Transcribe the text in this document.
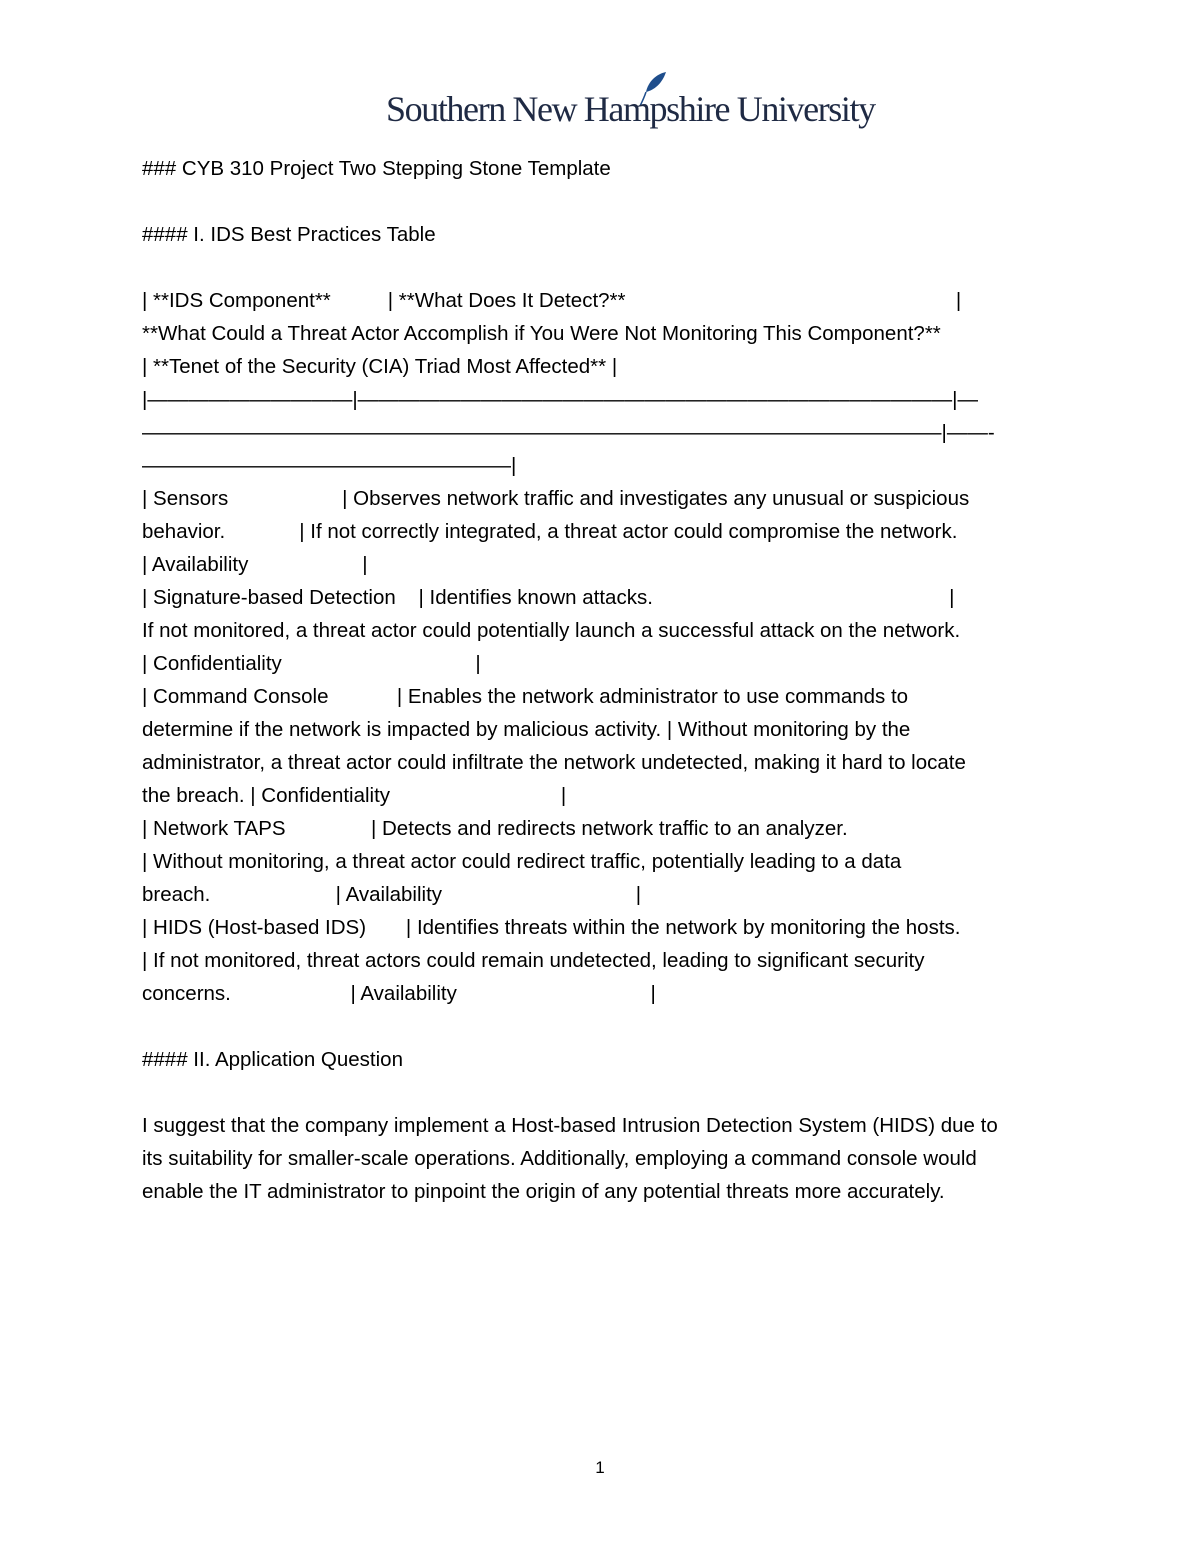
Southern New Hampshire University
### CYB 310 Project Two Stepping Stone Template
#### I. IDS Best Practices Table
| **IDS Component**          | **What Does It Detect?**                                                          |
**What Could a Threat Actor Accomplish if You Were Not Monitoring This Component?**
| **Tenet of the Security (CIA) Triad Most Affected** |
|——————————|—————————————————————————————|—
———————————————————————————————————————|——-
——————————————————|
| Sensors                    | Observes network traffic and investigates any unusual or suspicious
behavior.             | If not correctly integrated, a threat actor could compromise the network.
| Availability                    |
| Signature-based Detection    | Identifies known attacks.                                                    |
If not monitored, a threat actor could potentially launch a successful attack on the network.
| Confidentiality                                  |
| Command Console            | Enables the network administrator to use commands to
determine if the network is impacted by malicious activity. | Without monitoring by the
administrator, a threat actor could infiltrate the network undetected, making it hard to locate
the breach. | Confidentiality                              |
| Network TAPS               | Detects and redirects network traffic to an analyzer.
| Without monitoring, a threat actor could redirect traffic, potentially leading to a data
breach.                      | Availability                                  |
| HIDS (Host-based IDS)       | Identifies threats within the network by monitoring the hosts.
| If not monitored, threat actors could remain undetected, leading to significant security
concerns.                     | Availability                                  |
#### II. Application Question
I suggest that the company implement a Host-based Intrusion Detection System (HIDS) due to
its suitability for smaller-scale operations. Additionally, employing a command console would
enable the IT administrator to pinpoint the origin of any potential threats more accurately.
1
